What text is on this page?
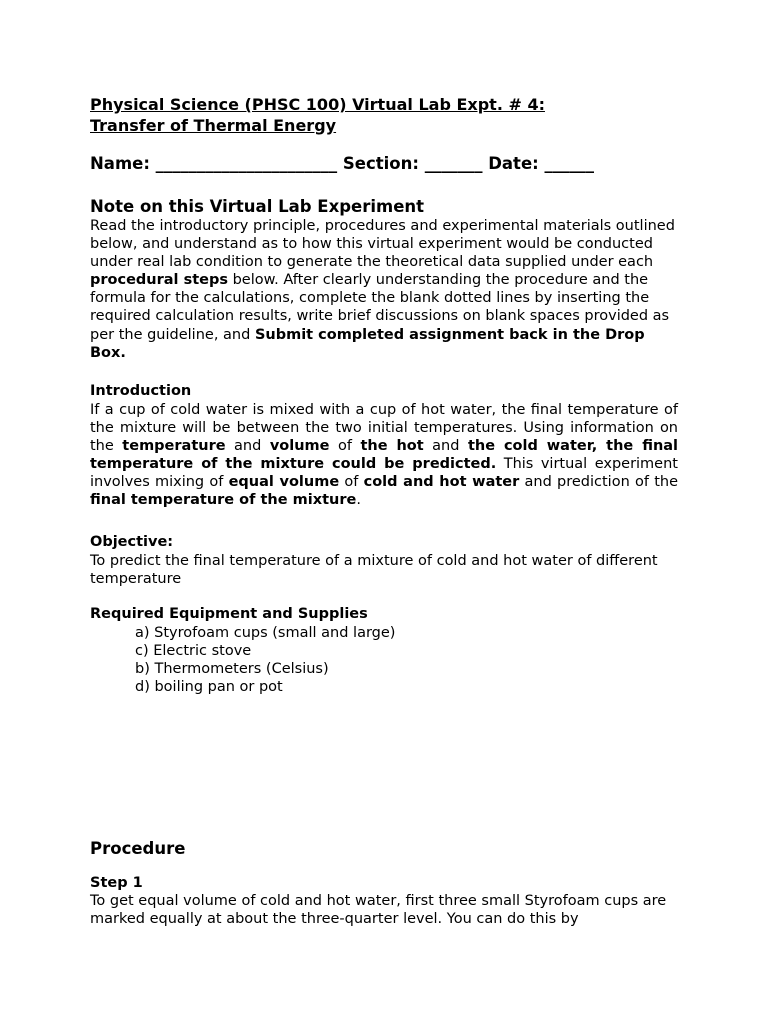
Physical Science (PHSC 100) Virtual Lab Expt. # 4:
Transfer of Thermal Energy
Name: ______________________ Section: _______ Date: ______
Note on this Virtual Lab Experiment
Read the introductory principle, procedures and experimental materials outlined below, and understand as to how this virtual experiment would be conducted under real lab condition to generate the theoretical data supplied under each procedural steps below. After clearly understanding the procedure and the formula for the calculations, complete the blank dotted lines by inserting the required calculation results, write brief discussions on blank spaces provided as per the guideline, and Submit completed assignment back in the Drop Box.
Introduction
If a cup of cold water is mixed with a cup of hot water, the final temperature of the mixture will be between the two initial temperatures. Using information on the temperature and volume of the hot and the cold water, the final temperature of the mixture could be predicted. This virtual experiment involves mixing of equal volume of cold and hot water and prediction of the final temperature of the mixture.
Objective:
To predict the final temperature of a mixture of cold and hot water of different temperature
Required Equipment and Supplies
a) Styrofoam cups (small and large)
c) Electric stove
b) Thermometers (Celsius)
d) boiling pan or pot
Procedure
Step 1
To get equal volume of cold and hot water, first three small Styrofoam cups are marked equally at about the three-quarter level. You can do this by
